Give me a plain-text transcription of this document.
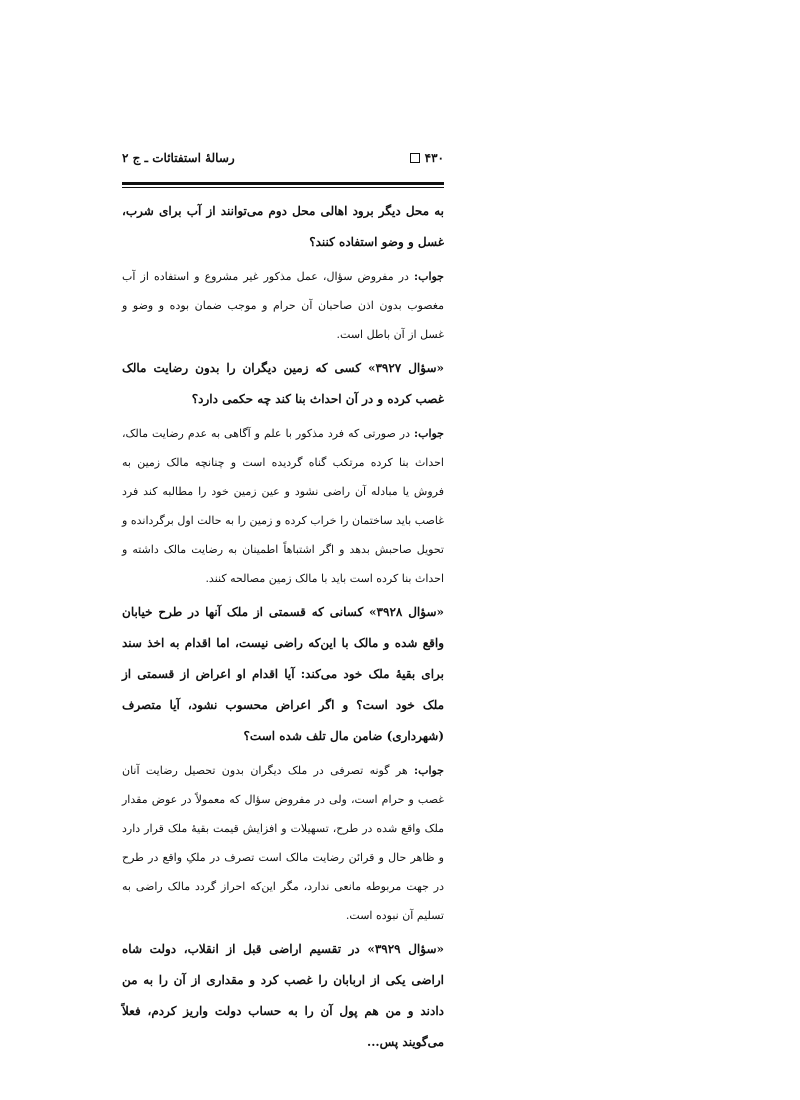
۴۳۰
رسالهٔ استفتائات ـ ج ۲

به محل دیگر برود اهالی محل دوم می‌توانند از آب برای شرب، غسل و وضو استفاده کنند؟

جواب: در مفروض سؤال، عمل مذکور غیر مشروع و استفاده از آب مغصوب بدون اذن صاحبان آن حرام و موجب ضمان بوده و وضو و غسل از آن باطل است.

«سؤال ۳۹۲۷» کسی که زمین دیگران را بدون رضایت مالک غصب کرده و در آن احداث بنا کند چه حکمی دارد؟

جواب: در صورتی که فرد مذکور با علم و آگاهی به عدم رضایت مالک، احداث بنا کرده مرتکب گناه گردیده است و چنانچه مالک زمین به فروش یا مبادله آن راضی نشود و عین زمین خود را مطالبه کند فرد غاصب باید ساختمان را خراب کرده و زمین را به حالت اول برگردانده و تحویل صاحبش بدهد و اگر اشتباهاً اطمینان به رضایت مالک داشته و احداث بنا کرده است باید با مالک زمین مصالحه کنند.

«سؤال ۳۹۲۸» کسانی که قسمتی از ملک آنها در طرح خیابان واقع شده و مالک با این‌که راضی نیست، اما اقدام به اخذ سند برای بقیهٔ ملک خود می‌کند: آیا اقدام او اعراض از قسمتی از ملک خود است؟ و اگر اعراض محسوب نشود، آیا متصرف (شهرداری) ضامن مال تلف شده است؟

جواب: هر گونه تصرفی در ملک دیگران بدون تحصیل رضایت آنان غصب و حرام است، ولی در مفروض سؤال که معمولاً در عوض مقدار ملک واقع شده در طرح، تسهیلات و افزایش قیمت بقیهٔ ملک قرار دارد و ظاهر حال و قرائن رضایت مالک است تصرف در ملکِ واقع در طرح در جهت مربوطه مانعی ندارد، مگر این‌که احراز گردد مالک راضی به تسلیم آن نبوده است.

«سؤال ۳۹۲۹» در تقسیم اراضی قبل از انقلاب، دولت شاه اراضی یکی از اربابان را غصب کرد و مقداری از آن را به من دادند و من هم پول آن را به حساب دولت واریز کردم، فعلاً می‌گویند پس...
